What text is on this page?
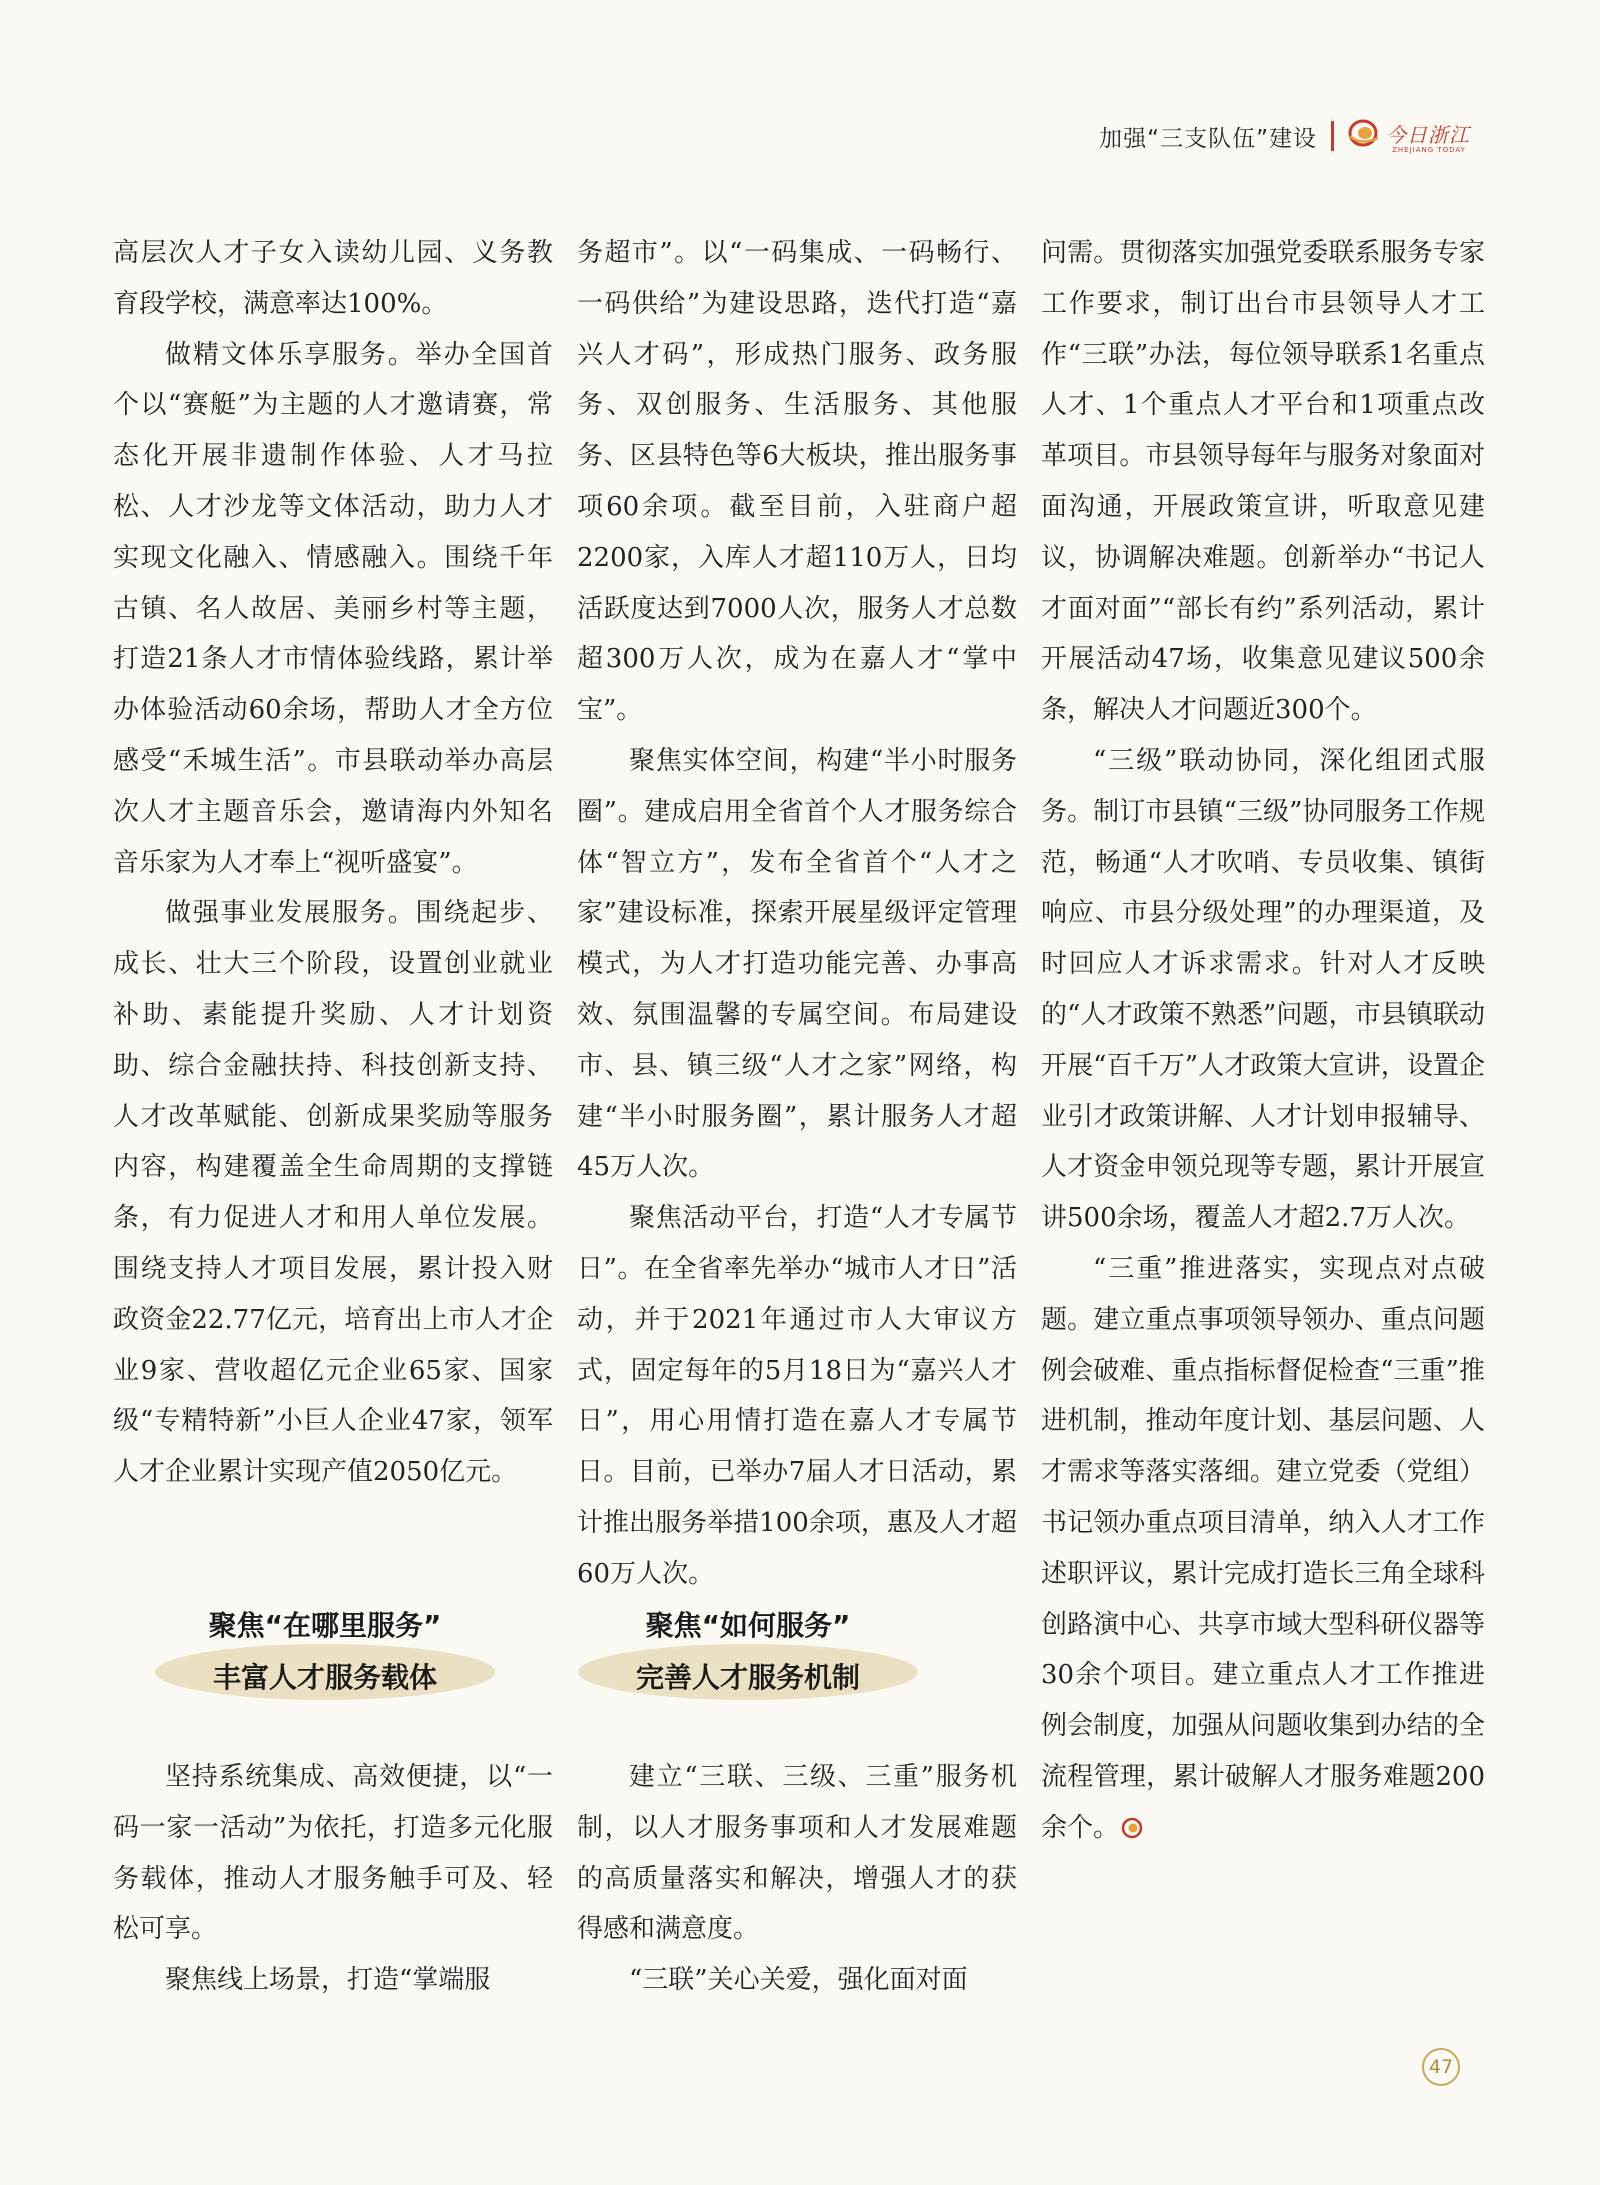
加强“三支队伍”建设	今日浙江
ZHEJIANG TODAY

高层次人才子女入读幼儿园、义务教育段学校，满意率达100%。

做精文体乐享服务。举办全国首个以“赛艇”为主题的人才邀请赛，常态化开展非遗制作体验、人才马拉松、人才沙龙等文体活动，助力人才实现文化融入、情感融入。围绕千年古镇、名人故居、美丽乡村等主题，打造21条人才市情体验线路，累计举办体验活动60余场，帮助人才全方位感受“禾城生活”。市县联动举办高层次人才主题音乐会，邀请海内外知名音乐家为人才奉上“视听盛宴”。

做强事业发展服务。围绕起步、成长、壮大三个阶段，设置创业就业补助、素能提升奖励、人才计划资助、综合金融扶持、科技创新支持、人才改革赋能、创新成果奖励等服务内容，构建覆盖全生命周期的支撑链条，有力促进人才和用人单位发展。围绕支持人才项目发展，累计投入财政资金22.77亿元，培育出上市人才企业9家、营收超亿元企业65家、国家级“专精特新”小巨人企业47家，领军人才企业累计实现产值2050亿元。

务超市”。以“一码集成、一码畅行、一码供给”为建设思路，迭代打造“嘉兴人才码”，形成热门服务、政务服务、双创服务、生活服务、其他服务、区县特色等6大板块，推出服务事项60余项。截至目前，入驻商户超2200家，入库人才超110万人，日均活跃度达到7000人次，服务人才总数超300万人次，成为在嘉人才“掌中宝”。

聚焦实体空间，构建“半小时服务圈”。建成启用全省首个人才服务综合体“智立方”，发布全省首个“人才之家”建设标准，探索开展星级评定管理模式，为人才打造功能完善、办事高效、氛围温馨的专属空间。布局建设市、县、镇三级“人才之家”网络，构建“半小时服务圈”，累计服务人才超45万人次。

聚焦活动平台，打造“人才专属节日”。在全省率先举办“城市人才日”活动，并于2021年通过市人大审议方式，固定每年的5月18日为“嘉兴人才日”，用心用情打造在嘉人才专属节日。目前，已举办7届人才日活动，累计推出服务举措100余项，惠及人才超60万人次。

问需。贯彻落实加强党委联系服务专家工作要求，制订出台市县领导人才工作“三联”办法，每位领导联系1名重点人才、1个重点人才平台和1项重点改革项目。市县领导每年与服务对象面对面沟通，开展政策宣讲，听取意见建议，协调解决难题。创新举办“书记人才面对面”“部长有约”系列活动，累计开展活动47场，收集意见建议500余条，解决人才问题近300个。

“三级”联动协同，深化组团式服务。制订市县镇“三级”协同服务工作规范，畅通“人才吹哨、专员收集、镇街响应、市县分级处理”的办理渠道，及时回应人才诉求需求。针对人才反映的“人才政策不熟悉”问题，市县镇联动开展“百千万”人才政策大宣讲，设置企业引才政策讲解、人才计划申报辅导、人才资金申领兑现等专题，累计开展宣讲500余场，覆盖人才超2.7万人次。

“三重”推进落实，实现点对点破题。建立重点事项领导领办、重点问题例会破难、重点指标督促检查“三重”推进机制，推动年度计划、基层问题、人才需求等落实落细。建立党委（党组）书记领办重点项目清单，纳入人才工作述职评议，累计完成打造长三角全球科创路演中心、共享市域大型科研仪器等30余个项目。建立重点人才工作推进例会制度，加强从问题收集到办结的全流程管理，累计破解人才服务难题200余个。

聚焦“在哪里服务”
丰富人才服务载体
聚焦“如何服务”
完善人才服务机制

坚持系统集成、高效便捷，以“一码一家一活动”为依托，打造多元化服务载体，推动人才服务触手可及、轻松可享。

聚焦线上场景，打造“掌端服

建立“三联、三级、三重”服务机制，以人才服务事项和人才发展难题的高质量落实和解决，增强人才的获得感和满意度。

“三联”关心关爱，强化面对面

47
